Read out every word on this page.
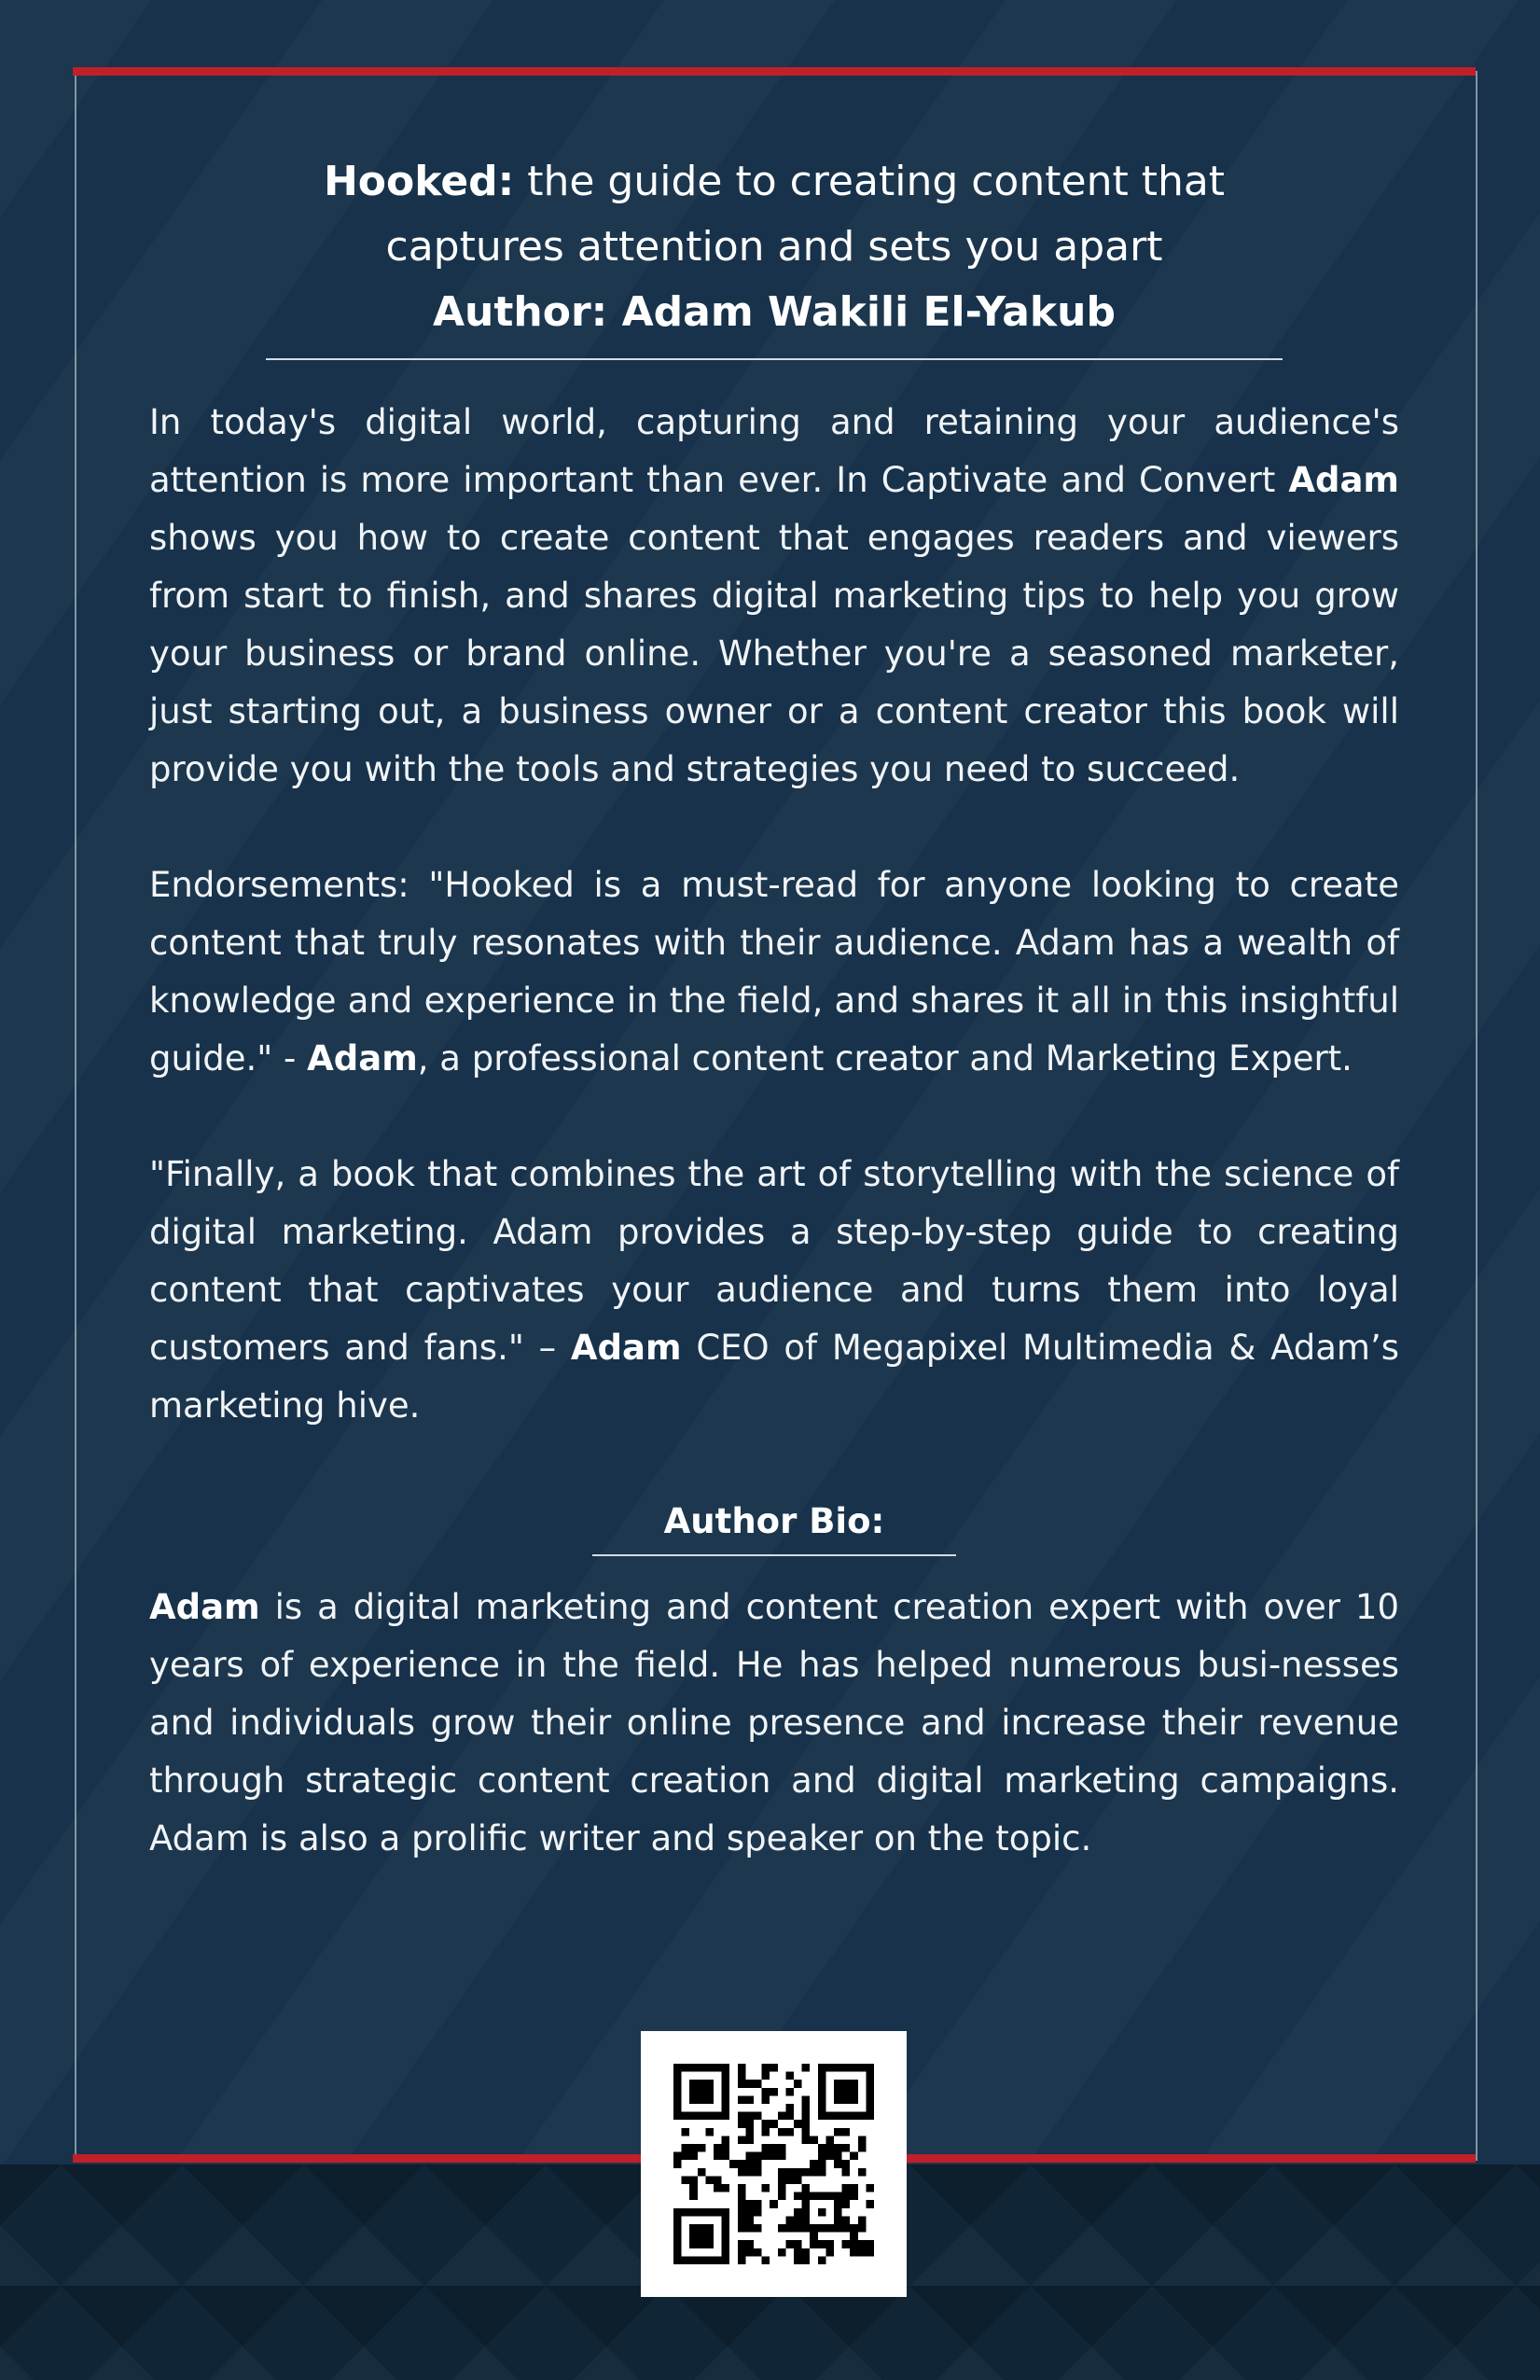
Hooked: the guide to creating content that

captures attention and sets you apart

Author: Adam Wakili El-Yakub

In today's digital world, capturing and retaining your audience's attention is more important than ever. In Captivate and Convert Adam shows you how to create content that engages readers and viewers from start to finish, and shares digital marketing tips to help you grow your business or brand online. Whether you're a seasoned marketer, just starting out, a business owner or a content creator this book will provide you with the tools and strategies you need to succeed.

Endorsements: "Hooked is a must-read for anyone looking to create content that truly resonates with their audience. Adam has a wealth of knowledge and experience in the field, and shares it all in this insightful guide." - Adam, a professional content creator and Marketing Expert.

"Finally, a book that combines the art of storytelling with the science of digital marketing. Adam provides a step-by-step guide to creating content that captivates your audience and turns them into loyal customers and fans." – Adam CEO of Megapixel Multimedia & Adam’s marketing hive.

Author Bio:

Adam is a digital marketing and content creation expert with over 10 years of experience in the field. He has helped numerous busi-nesses and individuals grow their online presence and increase their revenue through strategic content creation and digital marketing campaigns. Adam is also a prolific writer and speaker on the topic.
